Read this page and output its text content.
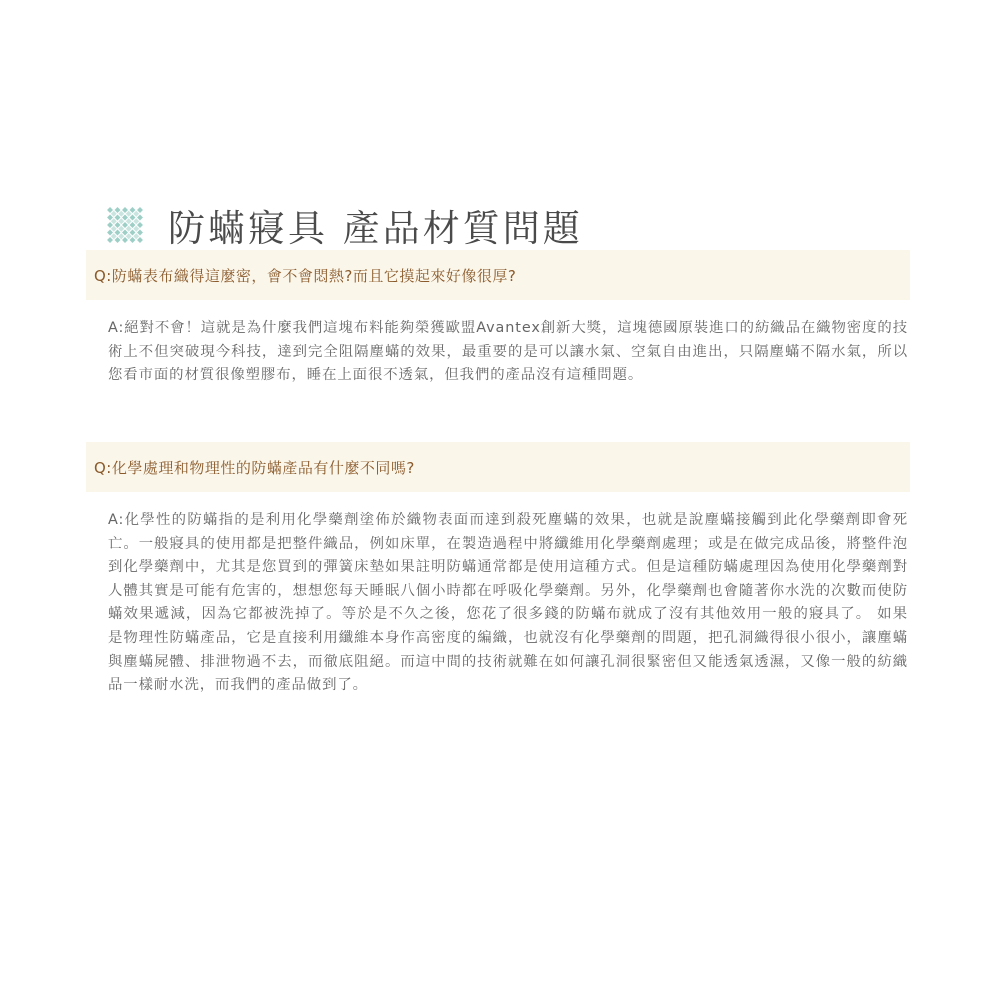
防蟎寢具 產品材質問題
Q:防蟎表布織得這麼密，會不會悶熱?而且它摸起來好像很厚?

A:絕對不會！這就是為什麼我們這塊布料能夠榮獲歐盟Avantex創新大獎，這塊德國原裝進口的紡織品在織物密度的技術上不但突破現今科技，達到完全阻隔塵蟎的效果，最重要的是可以讓水氣、空氣自由進出，只隔塵蟎不隔水氣，所以您看市面的材質很像塑膠布，睡在上面很不透氣，但我們的產品沒有這種問題。

Q:化學處理和物理性的防蟎產品有什麼不同嗎?

A:化學性的防蟎指的是利用化學藥劑塗佈於織物表面而達到殺死塵蟎的效果，也就是說塵蟎接觸到此化學藥劑即會死亡。一般寢具的使用都是把整件織品，例如床單，在製造過程中將纖維用化學藥劑處理；或是在做完成品後，將整件泡到化學藥劑中，尤其是您買到的彈簧床墊如果註明防蟎通常都是使用這種方式。但是這種防蟎處理因為使用化學藥劑對人體其實是可能有危害的，想想您每天睡眠八個小時都在呼吸化學藥劑。另外，化學藥劑也會隨著你水洗的次數而使防蟎效果遞減，因為它都被洗掉了。等於是不久之後，您花了很多錢的防蟎布就成了沒有其他效用一般的寢具了。 如果是物理性防蟎產品，它是直接利用纖維本身作高密度的編織，也就沒有化學藥劑的問題，把孔洞織得很小很小，讓塵蟎與塵蟎屍體、排泄物過不去，而徹底阻絕。而這中間的技術就難在如何讓孔洞很緊密但又能透氣透濕，又像一般的紡織品一樣耐水洗，而我們的產品做到了。
